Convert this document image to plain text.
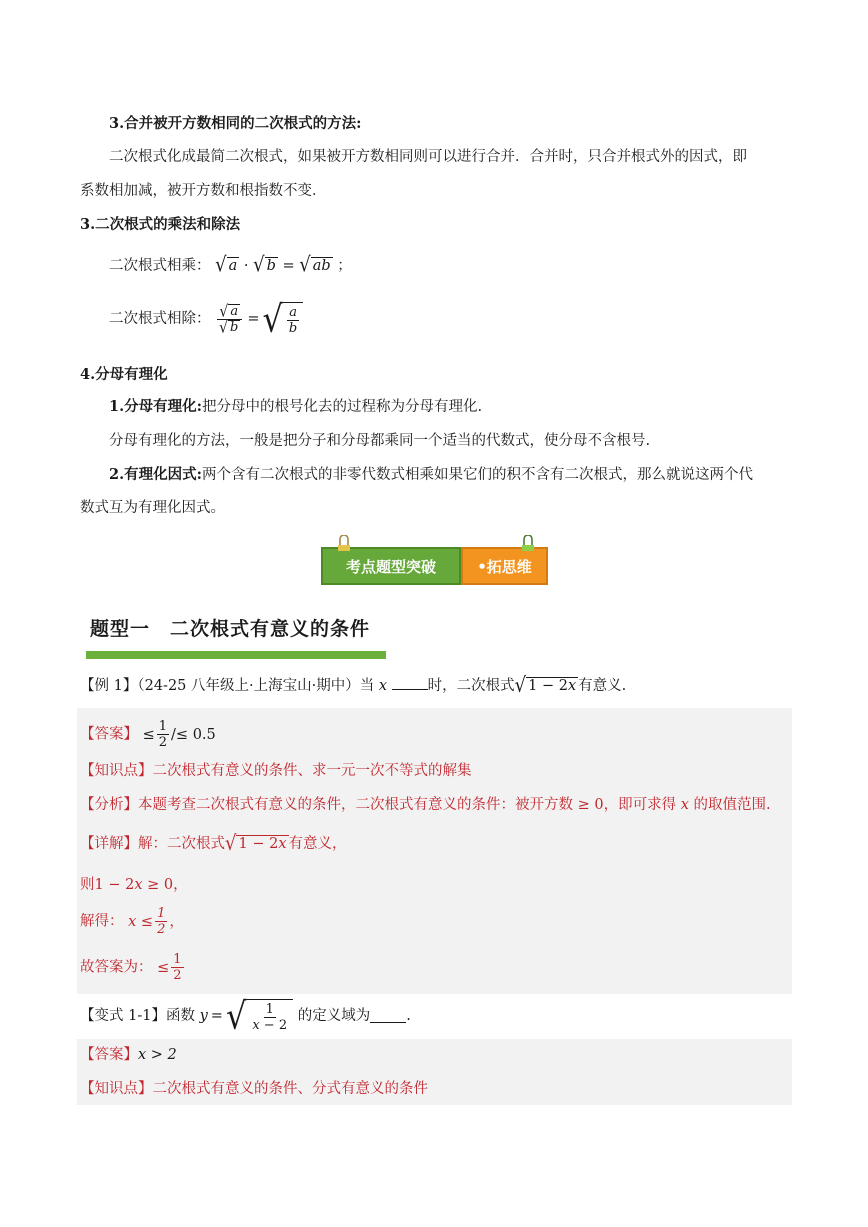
3.合并被开方数相同的二次根式的方法:
二次根式化成最简二次根式，如果被开方数相同则可以进行合并．合并时，只合并根式外的因式，即
系数相加减，被开方数和根指数不变．
3.二次根式的乘法和除法
二次根式相乘： √ a · √ b = √ ab ；
二次根式相除： $\frac{√ a}{√ b}$ = √ $\frac{a}{b}$
4.分母有理化
1.分母有理化:把分母中的根号化去的过程称为分母有理化.
分母有理化的方法，一般是把分子和分母都乘同一个适当的代数式，使分母不含根号.
2.有理化因式:两个含有二次根式的非零代数式相乘如果它们的积不含有二次根式，那么就说这两个代
数式互为有理化因式。
考点题型突破	•拓思维
题型一　二次根式有意义的条件
【例 1】（24-25 八年级上·上海宝山·期中）当 x	时，二次根式 √ 1 − 2x 有意义.
【答案】 ≤ $\frac{1}{2} /\le 0.5$
【知识点】二次根式有意义的条件、求一元一次不等式的解集
【分析】本题考查二次根式有意义的条件，二次根式有意义的条件：被开方数 ≥ 0，即可求得 x 的取值范围.
【详解】解：二次根式 √ 1 − 2x 有意义，
则1 − 2x ≥ 0，
解得： $x \le \frac{1}{2}$ ，
故答案为： ≤ $\frac{1}{2}$
【变式 1-1】函数 y = √ $\frac{1}{x - 2}$ 的定义域为 .
【答案】x > 2
【知识点】二次根式有意义的条件、分式有意义的条件
